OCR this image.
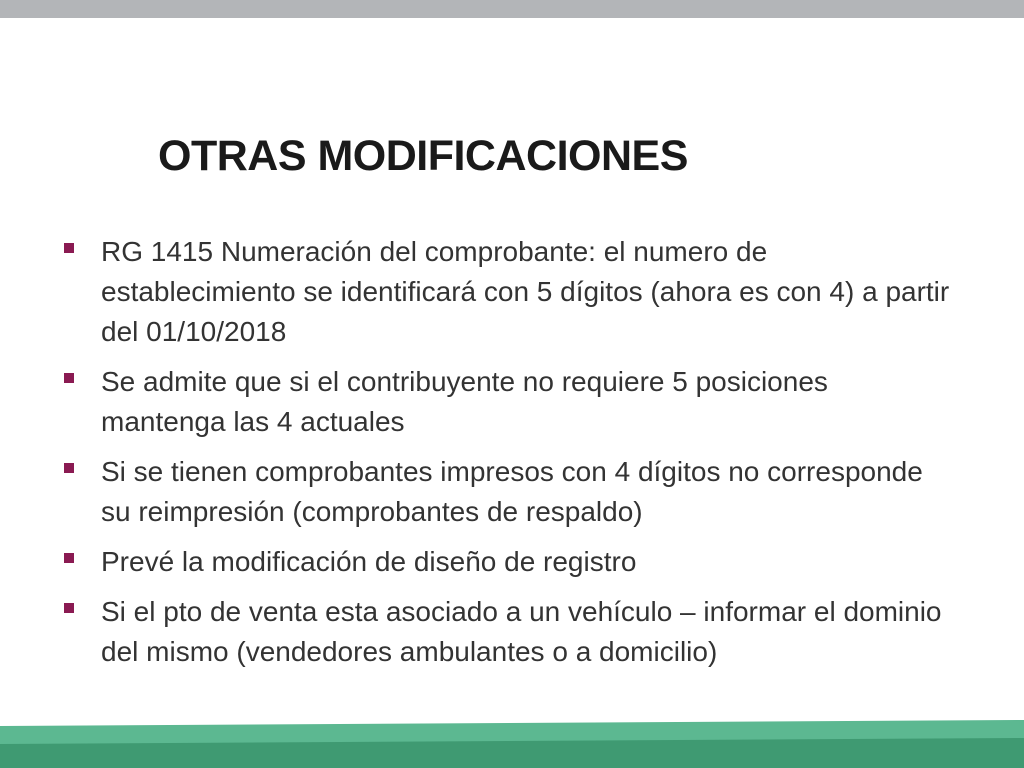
OTRAS MODIFICACIONES
RG 1415 Numeración del comprobante: el numero de establecimiento se identificará con 5 dígitos (ahora es con 4) a partir del 01/10/2018
Se admite que si el contribuyente no requiere 5 posiciones mantenga las 4 actuales
Si se tienen comprobantes impresos con 4 dígitos no corresponde su reimpresión (comprobantes de respaldo)
Prevé la modificación de diseño de registro
Si el pto de venta esta asociado a un vehículo – informar el dominio del mismo (vendedores ambulantes o a domicilio)
